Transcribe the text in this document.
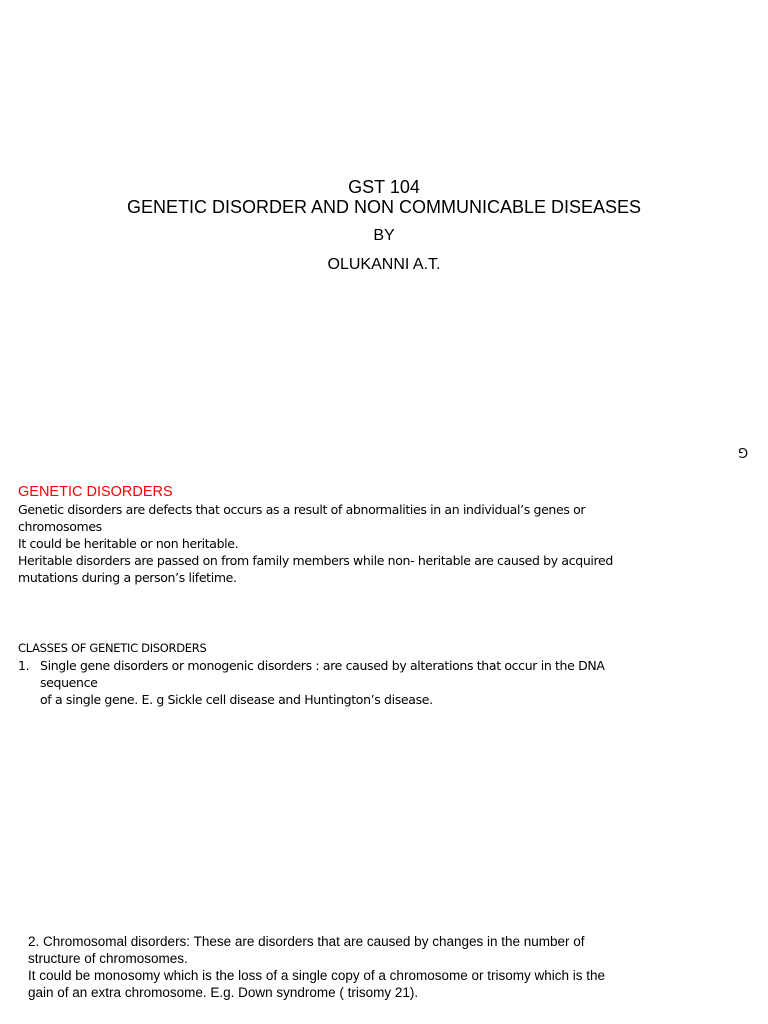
GST 104
GENETIC DISORDER AND NON COMMUNICABLE DISEASES
BY
OLUKANNI A.T.
G
GENETIC DISORDERS
Genetic disorders are defects that occurs as a result of abnormalities in an individual’s genes or
chromosomes
It could be heritable or non heritable.
Heritable disorders are passed on from family members while non- heritable are caused by acquired
mutations during a person’s lifetime.
CLASSES OF GENETIC DISORDERS
1. Single gene disorders or monogenic disorders : are caused by alterations that occur in the DNA sequence
of a single gene. E. g Sickle cell disease and Huntington’s disease.
2. Chromosomal disorders: These are disorders that are caused by changes in the number of
structure of chromosomes.
It could be monosomy which is the loss of a single copy of a chromosome or trisomy which is the
gain of an extra chromosome. E.g. Down syndrome ( trisomy 21).
